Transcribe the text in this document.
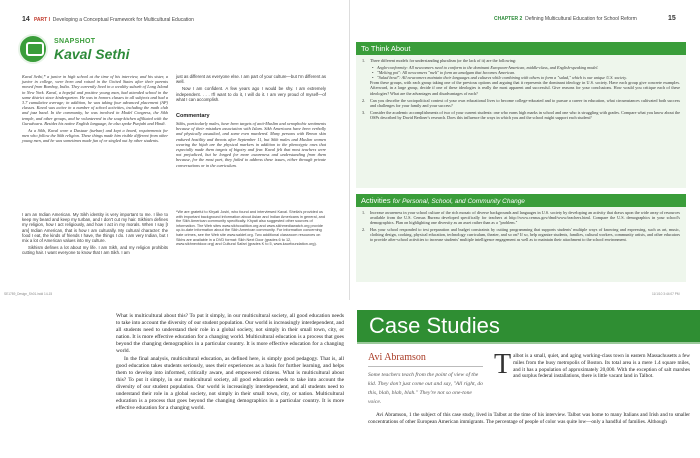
14 PART I Developing a Conceptual Framework for Multicultural Education
SNAPSHOT
Kaval Sethi

Kaval Sethi,* a junior in high school at the time of his interview, and his sister, a junior in college, were born and raised in the United States after their parents moved from Bombay, India. They currently lived in a wealthy suburb of Long Island in New York. Kaval, a hopeful and positive young man, had attended school in the same district since kindergarten. He was in honors classes in all subjects and had a 3.7 cumulative average; in addition, he was taking four advanced placement (AP) classes. Kaval was active in a number of school activities, including the math club and jazz band. In the community, he was involved in Model Congress, the Sikh temple, and other groups, and he volunteered in the soup-kitchen affiliated with the Gurudwara. Besides his native English language, he also spoke Punjabi and Hindi.

As a Sikh, Kaval wore a Dastaar (turban) and kept a beard, requirements for men who follow the Sikh religion. These things made him visible different from other young men, and he was sometimes made fun of or singled out by other students.

I am an Indian American. My Sikh identity is very important to me. I like to keep my beard and keep my turban, and I don't cut my hair. Sikhism defines my religion, how I act religiously, and how I act in my morals. When I say [I am] Indian American, that is how I am culturally. My cultural character: the food I eat, the kinds of friends I have, the things I do. I am very Indian, but I mix a lot of American values into my culture.

Sikhism defines a lot about my life. I am Sikh, and my religion prohibits cutting hair. I want everyone to know that I am Sikh. I am

just as different as everyone else. I am part of your culture—but I'm different as well.

Now I am confident. A few years ago I would be shy. I am extremely independent. . . . I'll want to do it, I will do it. I am very proud of myself—of what I can accomplish.

Commentary
Sikhs, particularly males, have been targets of anti-Muslim and xenophobic sentiments because of their mistaken association with Islam. Sikh Americans have been verbally and physically assaulted, and some even murdered. Many persons with Brown skin endured hostility and threats after September 11, but Sikh males and Muslim women wearing the hijab are the physical markers in addition to the phenotypic ones that especially made them targets of bigotry and fear. Kaval felt that most teachers were not prejudiced, but he longed for more awareness and understanding from them because, for the most part, they failed to address these issues, either through private conversations or in the curriculum.
*We are grateful to Khyati Joshi, who found and interviewed Kaval. Sheila's provided us with important background information about Asian and Indian Americans in general, and the Sikh American community specifically. Khyati also suggested other sources of information. The Web sites www.sikhcoalition.org and www.sikhmediawatch.org provide up-to-date information about the Sikh American community. For information concerning hate crimes, see the Web site www.saldef.org. Two additional classroom resources on Sikhs are available in a DVD format: Sikh Next Door (grades 6 to 12, www.sikhnextdoor.org) and Cultural Safari (grades K to 5, www.kaurfoundation.org).
CHAPTER 2 Defining Multicultural Education for School Reform	15
To Think About
1.	Three different models for understanding pluralism (or the lack of it) are the following:
• Anglo-conformity: All newcomers need to conform to the dominant European-American, middle-class, and English-speaking model.
• "Melting pot": All newcomers "melt" to form an amalgam that becomes American.
• "Salad bowl": All newcomers maintain their languages and cultures while combining with others to form a "salad," which is our unique U.S. society.
From these groups, with each group taking one of the previous options and arguing that it represents the dominant ideology in U.S. society. Have each group give concrete examples. Afterward, in a large group, decide if one of these ideologies is really the most apparent and successful. Give reasons for your conclusions. How would you critique each of these ideologies? What are the advantages and disadvantages of each?
2.	Can you describe the sociopolitical context of your own educational lives to become college-educated and to pursue a career in education, what circumstances cultivated both success and challenges for your family and your success?
3.	Consider the academic accomplishments of two of your current students: one who earns high marks in school and one who is struggling with grades. Compare what you know about the OSPs described by David Berliner's research. Does this influence the ways in which you and the school might support each student?
Activities for Personal, School, and Community Change
1.	Increase awareness in your school culture of the rich mosaic of diverse backgrounds and languages in U.S. society by developing an activity that draws upon the wide array of resources available from the U.S. Census Bureau developed specifically for teachers at http://www.census.gov/dmd/www/teachers.html. Compare the U.S. demographics in your school's demographics. Plan on highlighting one diversity as an asset rather than as a "problem."
2.	Has your school responded to test preparation and budget constraints by cutting programming that supports students' multiple ways of knowing and expressing, such as art, music, clothing design, cooking, physical education, technology curriculum, theater, and so on? If so, help organize students, families, cultural workers, community artists, and other educators to provide after-school activities to increase students' multiple intelligence engagement as well as to maintain their attachment to the school environment.
SE1789_Design_Sh01.indd 14-15	11/1/10 3:44:07 PM

What is multicultural about this? To put it simply, in our multicultural society, all good education needs to take into account the diversity of our student population. Our world is increasingly interdependent, and all students need to understand their role in a global society, not simply in their small town, city, or nation. It is more effective education for a changing world. Multicultural education is a process that goes beyond the changing demographics in a particular country. It is more effective education for a changing world.

In the final analysis, multicultural education, as defined here, is simply good pedagogy. That is, all good education takes students seriously, uses their experiences as a basis for further learning, and helps them to develop into informed, critically aware, and empowered citizens. What is multicultural about this? To put it simply, in our multicultural society, all good education needs to take into account the diversity of our student population. Our world is increasingly interdependent, and all students need to understand their role in a global society, not simply in their small town, city, or nation. Multicultural education is a process that goes beyond the changing demographics in a particular country. It is more effective education for a changing world.

Case Studies
Avi Abramson
Some teachers teach from the point of view of the kid. They don't just come out and say, "All right, do this, blah, blah, blah." They're not so one-tone voice.

Talbot is a small, quiet, and aging working-class town in eastern Massachusetts a few miles from the busy metropolis of Boston. Its total area is a mere 1.4 square miles, and it has a population of approximately 20,000. With the exception of salt marshes and surplus federal installations, there is little vacant land in Talbot.

Avi Abramson, 1 the subject of this case study, lived in Talbot at the time of his interview. Talbot was home to many Italians and Irish and to smaller concentrations of other European American immigrants. The percentage of people of color was quite low—only a handful of families. Although
